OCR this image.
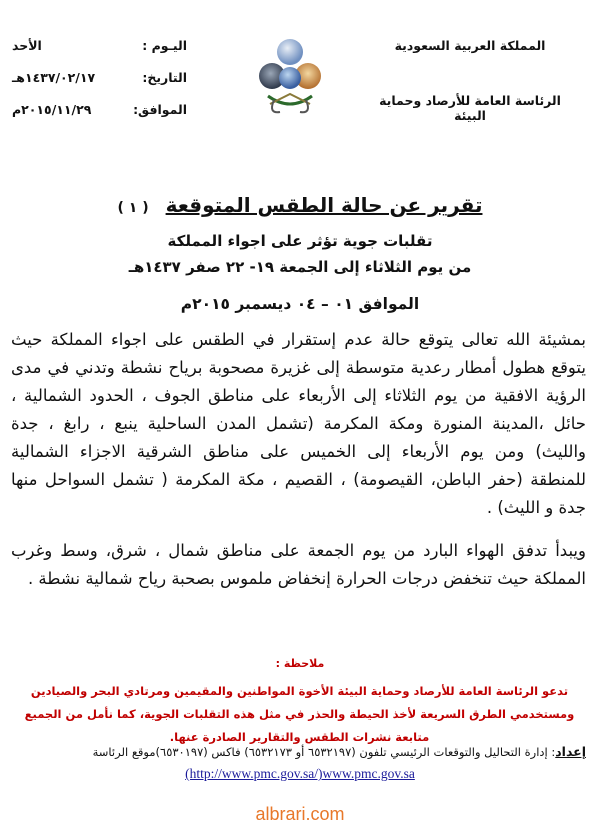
المملكة العربية السعودية
الرئاسة العامة للأرصاد وحماية البيئة
اليـوم :
الأحد
التاريخ:
١٤٣٧/٠٢/١٧هـ
الموافق:
٢٠١٥/١١/٢٩م
تقرير عن حالة الطقس المتوقعة ( ١ )
تقلبات جوية تؤثر على اجواء المملكة
من يوم الثلاثاء إلى الجمعة ١٩- ٢٢ صفر ١٤٣٧هـ
الموافق ٠١ – ٠٤ ديسمبر ٢٠١٥م
بمشيئة الله تعالى يتوقع حالة عدم إستقرار في الطقس على اجواء المملكة حيث يتوقع هطول أمطار رعدية متوسطة إلى غزيرة مصحوبة برياح نشطة وتدني في مدى الرؤية الافقية من يوم الثلاثاء إلى الأربعاء على مناطق الجوف ، الحدود الشمالية ، حائل ،المدينة المنورة ومكة المكرمة (تشمل المدن الساحلية ينبع ، رابغ ، جدة والليث) ومن يوم الأربعاء إلى الخميس على مناطق الشرقية الاجزاء الشمالية للمنطقة (حفر الباطن، القيصومة) ، القصيم ، مكة المكرمة ( تشمل السواحل منها جدة و الليث) .
ويبدأ تدفق الهواء البارد من يوم الجمعة على مناطق شمال ، شرق، وسط وغرب المملكة حيث تنخفض درجات الحرارة إنخفاض ملموس بصحبة رياح شمالية نشطة .
ملاحظة :
تدعو الرئاسة العامة للأرصاد وحماية البيئة الأخوة المواطنين والمقيمين ومرتادي البحر والصيادين ومستخدمي الطرق السريعة لأخذ الحيطة والحذر في مثل هذه التقلبات الجوية، كما نأمل من الجميع متابعة نشرات الطقس والتقارير الصادرة عنها.
إعداد: إدارة التحاليل والتوقعات الرئيسي تلفون (٦٥٣٢١٩٧ أو ٦٥٣٢١٧٣) فاكس (٦٥٣٠١٩٧)موقع الرئاسة
(http://www.pmc.gov.sa/)www.pmc.gov.sa
albrari.com
